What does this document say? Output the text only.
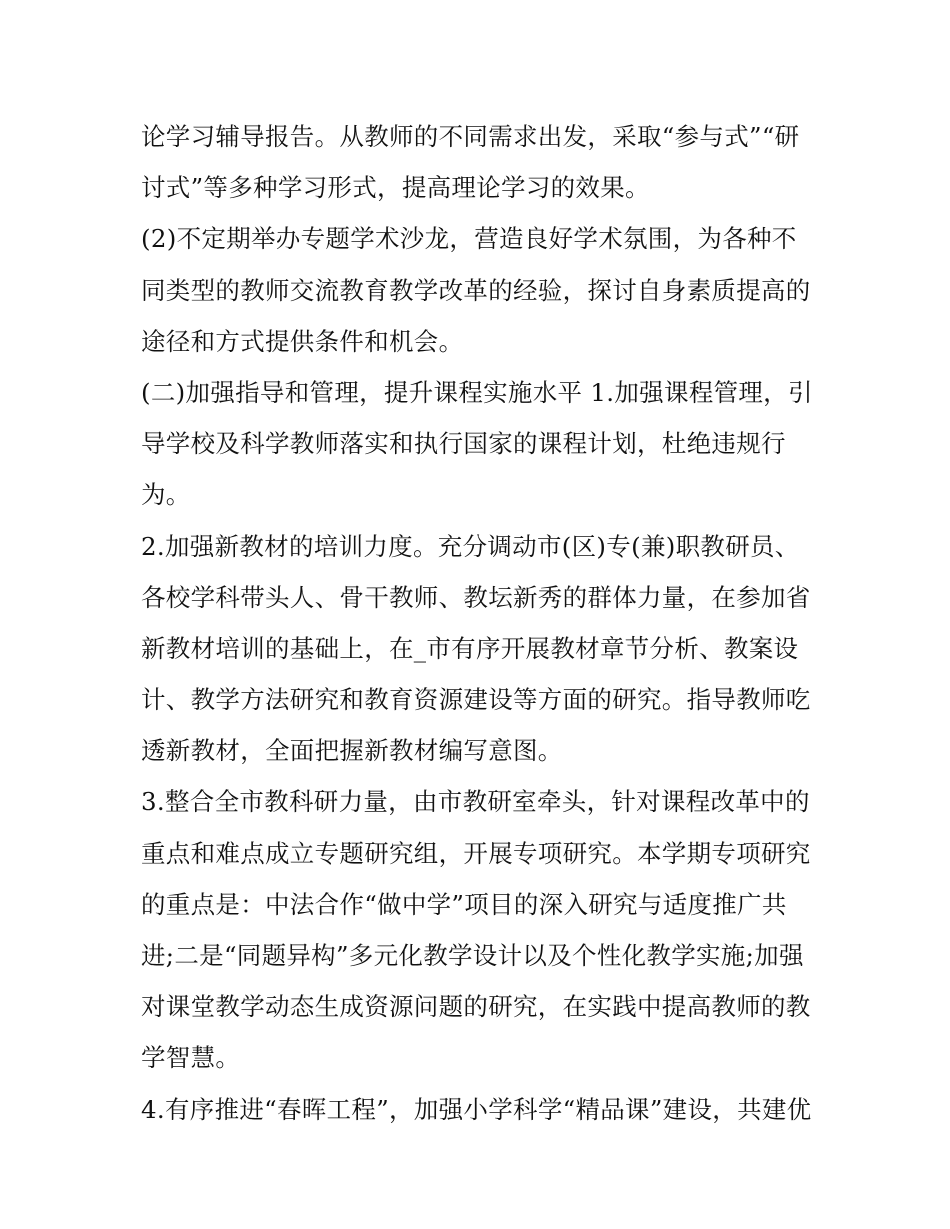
论学习辅导报告。从教师的不同需求出发，采取“参与式”“研
讨式”等多种学习形式，提高理论学习的效果。
(2)不定期举办专题学术沙龙，营造良好学术氛围，为各种不
同类型的教师交流教育教学改革的经验，探讨自身素质提高的
途径和方式提供条件和机会。
(二)加强指导和管理，提升课程实施水平 1.加强课程管理，引
导学校及科学教师落实和执行国家的课程计划，杜绝违规行
为。
2.加强新教材的培训力度。充分调动市(区)专(兼)职教研员、
各校学科带头人、骨干教师、教坛新秀的群体力量，在参加省
新教材培训的基础上，在_市有序开展教材章节分析、教案设
计、教学方法研究和教育资源建设等方面的研究。指导教师吃
透新教材，全面把握新教材编写意图。
3.整合全市教科研力量，由市教研室牵头，针对课程改革中的
重点和难点成立专题研究组，开展专项研究。本学期专项研究
的重点是：中法合作“做中学”项目的深入研究与适度推广共
进;二是“同题异构”多元化教学设计以及个性化教学实施;加强
对课堂教学动态生成资源问题的研究，在实践中提高教师的教
学智慧。
4.有序推进“春晖工程”，加强小学科学“精品课”建设，共建优
